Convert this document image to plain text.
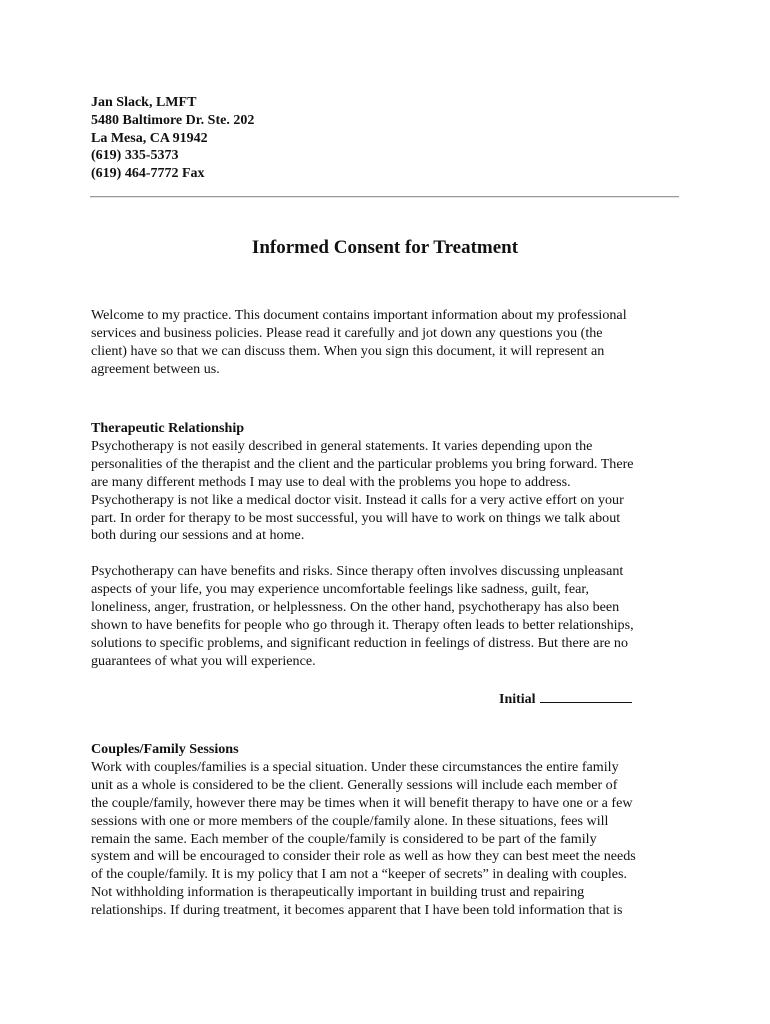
Jan Slack, LMFT
5480 Baltimore Dr. Ste. 202
La Mesa, CA 91942
(619) 335-5373
(619) 464-7772 Fax
Informed Consent for Treatment
Welcome to my practice. This document contains important information about my professional
services and business policies. Please read it carefully and jot down any questions you (the
client) have so that we can discuss them. When you sign this document, it will represent an
agreement between us.
Therapeutic Relationship
Psychotherapy is not easily described in general statements. It varies depending upon the
personalities of the therapist and the client and the particular problems you bring forward. There
are many different methods I may use to deal with the problems you hope to address.
Psychotherapy is not like a medical doctor visit. Instead it calls for a very active effort on your
part. In order for therapy to be most successful, you will have to work on things we talk about
both during our sessions and at home.
Psychotherapy can have benefits and risks. Since therapy often involves discussing unpleasant
aspects of your life, you may experience uncomfortable feelings like sadness, guilt, fear,
loneliness, anger, frustration, or helplessness. On the other hand, psychotherapy has also been
shown to have benefits for people who go through it. Therapy often leads to better relationships,
solutions to specific problems, and significant reduction in feelings of distress. But there are no
guarantees of what you will experience.
Initial
Couples/Family Sessions
Work with couples/families is a special situation. Under these circumstances the entire family
unit as a whole is considered to be the client. Generally sessions will include each member of
the couple/family, however there may be times when it will benefit therapy to have one or a few
sessions with one or more members of the couple/family alone. In these situations, fees will
remain the same. Each member of the couple/family is considered to be part of the family
system and will be encouraged to consider their role as well as how they can best meet the needs
of the couple/family. It is my policy that I am not a “keeper of secrets” in dealing with couples.
Not withholding information is therapeutically important in building trust and repairing
relationships. If during treatment, it becomes apparent that I have been told information that is
